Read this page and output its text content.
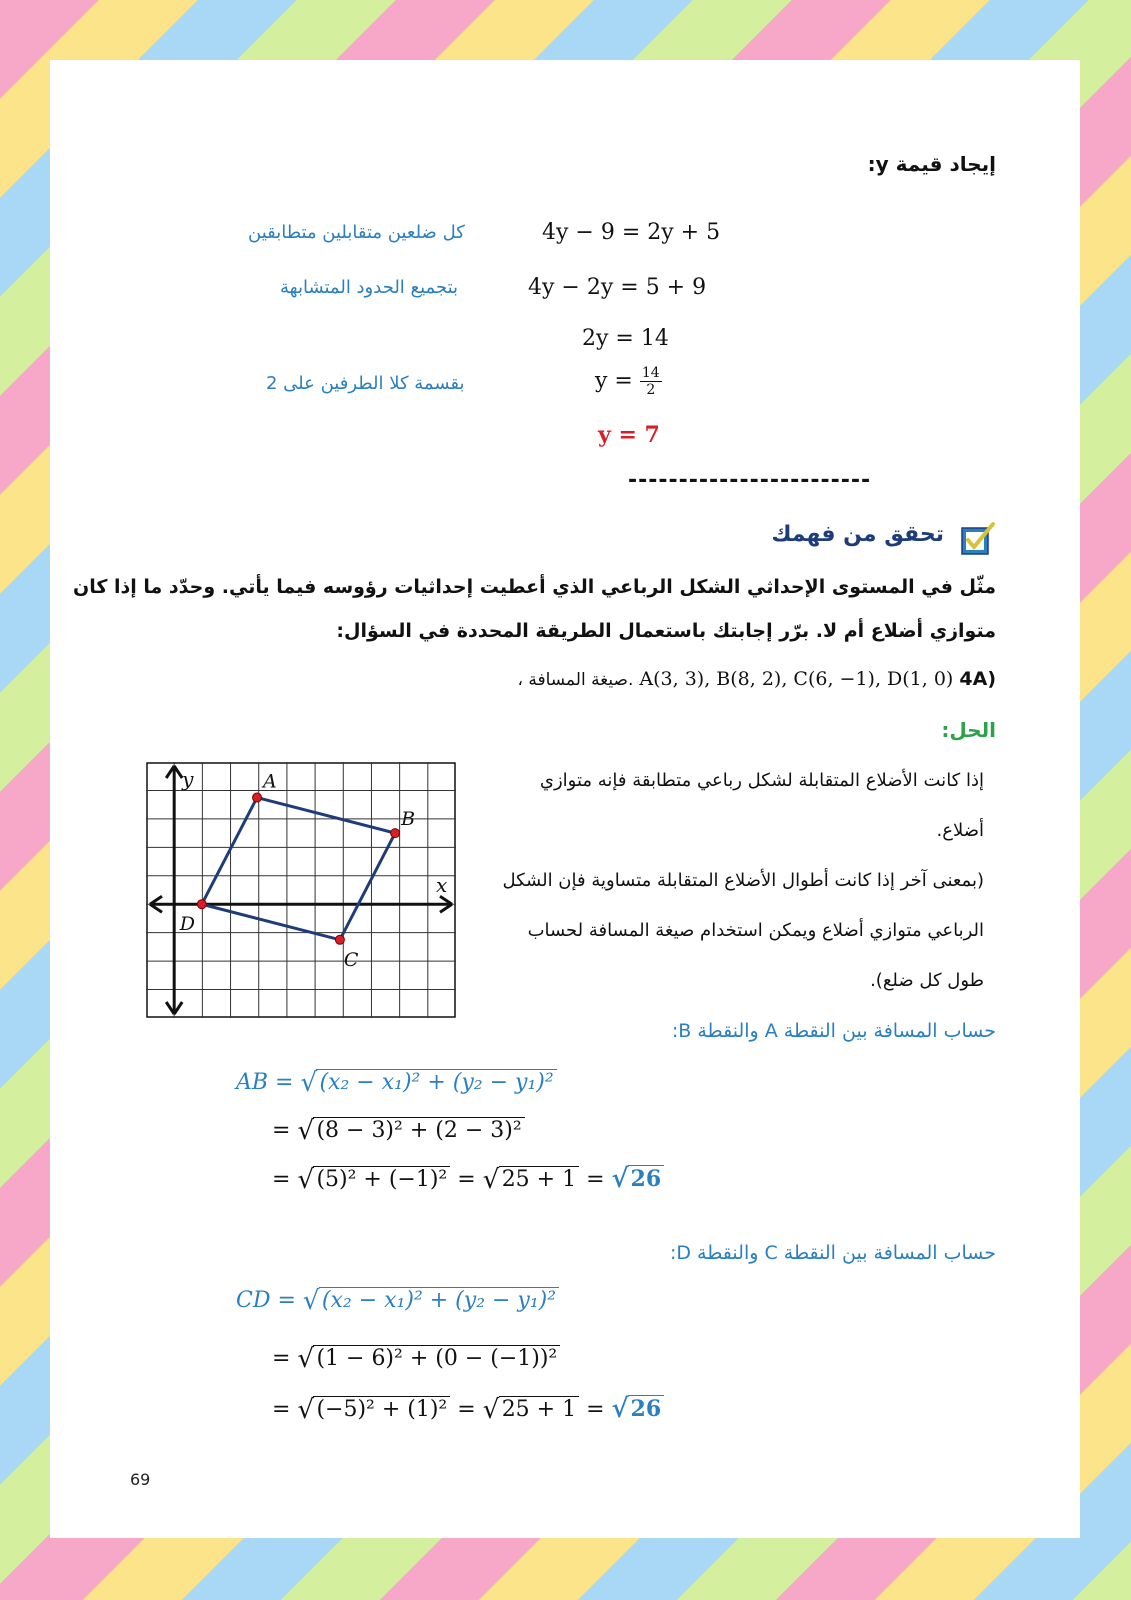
إيجاد قيمة y:
4y − 9 = 2y + 5
كل ضلعين متقابلين متطابقين
4y − 2y = 5 + 9
بتجميع الحدود المتشابهة
2y = 14
$y = \frac{14}{2}$
بقسمة كلا الطرفين على 2
y = 7
------------------------
تحقق من فهمك
مثّل في المستوى الإحداثي الشكل الرباعي الذي أعطيت إحداثيات رؤوسه فيما يأتي. وحدّد ما إذا كان
متوازي أضلاع أم لا. برّر إجابتك باستعمال الطريقة المحددة في السؤال:
، صيغة المسافة. A(3, 3), B(8, 2), C(6, −1), D(1, 0) 4A)
الحل:
x
y	A
B
C
D
إذا كانت الأضلاع المتقابلة لشكل رباعي متطابقة فإنه متوازي
أضلاع.
(بمعنى آخر إذا كانت أطوال الأضلاع المتقابلة متساوية فإن الشكل
الرباعي متوازي أضلاع ويمكن استخدام صيغة المسافة لحساب
طول كل ضلع).
حساب المسافة بين النقطة A والنقطة B:
AB = √ (x₂ − x₁)² + (y₂ − y₁)²
= √ (8 − 3)² + (2 − 3)²
= √ (5)² + (−1)² = √ 25 + 1 = √ 26
حساب المسافة بين النقطة C والنقطة D:
CD = √ (x₂ − x₁)² + (y₂ − y₁)²
= √ (1 − 6)² + (0 − (−1))²
= √ (−5)² + (1)² = √ 25 + 1 = √ 26
69
